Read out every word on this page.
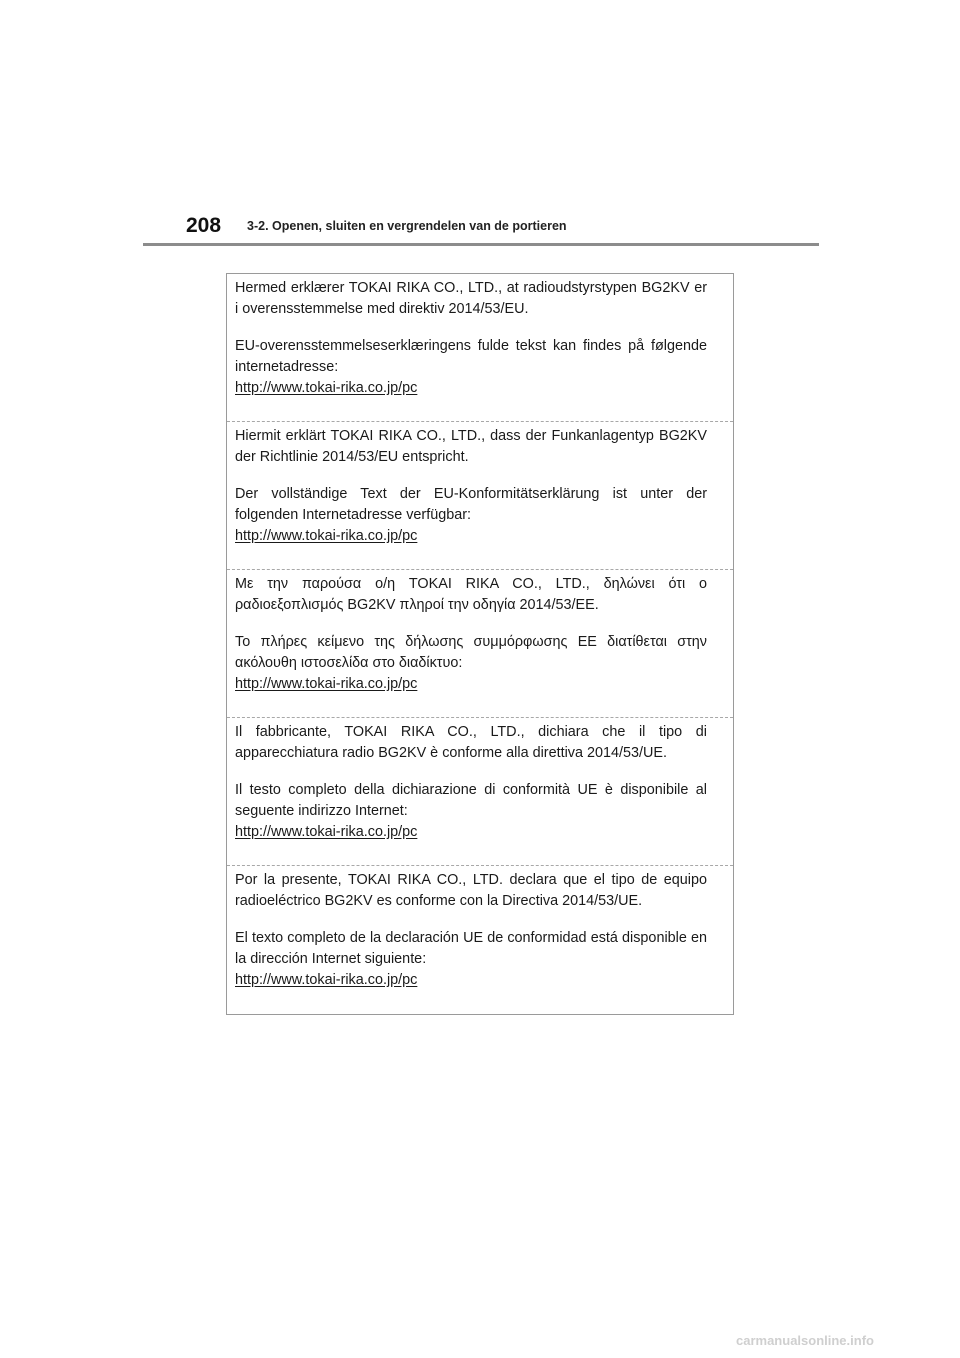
208 3-2. Openen, sluiten en vergrendelen van de portieren

Hermed erklærer TOKAI RIKA CO., LTD., at radioudstyrstypen BG2KV er i overensstemmelse med direktiv 2014/53/EU.

EU-overensstemmelseserklæringens fulde tekst kan findes på følgende internetadresse:

http://www.tokai-rika.co.jp/pc

Hiermit erklärt TOKAI RIKA CO., LTD., dass der Funkanlagentyp BG2KV der Richtlinie 2014/53/EU entspricht.

Der vollständige Text der EU-Konformitätserklärung ist unter der folgenden Internetadresse verfügbar:

http://www.tokai-rika.co.jp/pc

Με την παρούσα ο/η TOKAI RIKA CO., LTD., δηλώνει ότι ο ραδιοεξοπλισμός BG2KV πληροί την οδηγία 2014/53/ΕΕ.

Το πλήρες κείμενο της δήλωσης συμμόρφωσης ΕΕ διατίθεται στην ακόλουθη ιστοσελίδα στο διαδίκτυο:

http://www.tokai-rika.co.jp/pc

Il fabbricante, TOKAI RIKA CO., LTD., dichiara che il tipo di apparecchiatura radio BG2KV è conforme alla direttiva 2014/53/UE.

Il testo completo della dichiarazione di conformità UE è disponibile al seguente indirizzo Internet:

http://www.tokai-rika.co.jp/pc

Por la presente, TOKAI RIKA CO., LTD. declara que el tipo de equipo radioeléctrico BG2KV es conforme con la Directiva 2014/53/UE.

El texto completo de la declaración UE de conformidad está disponible en la dirección Internet siguiente:

http://www.tokai-rika.co.jp/pc
carmanualsonline.info
